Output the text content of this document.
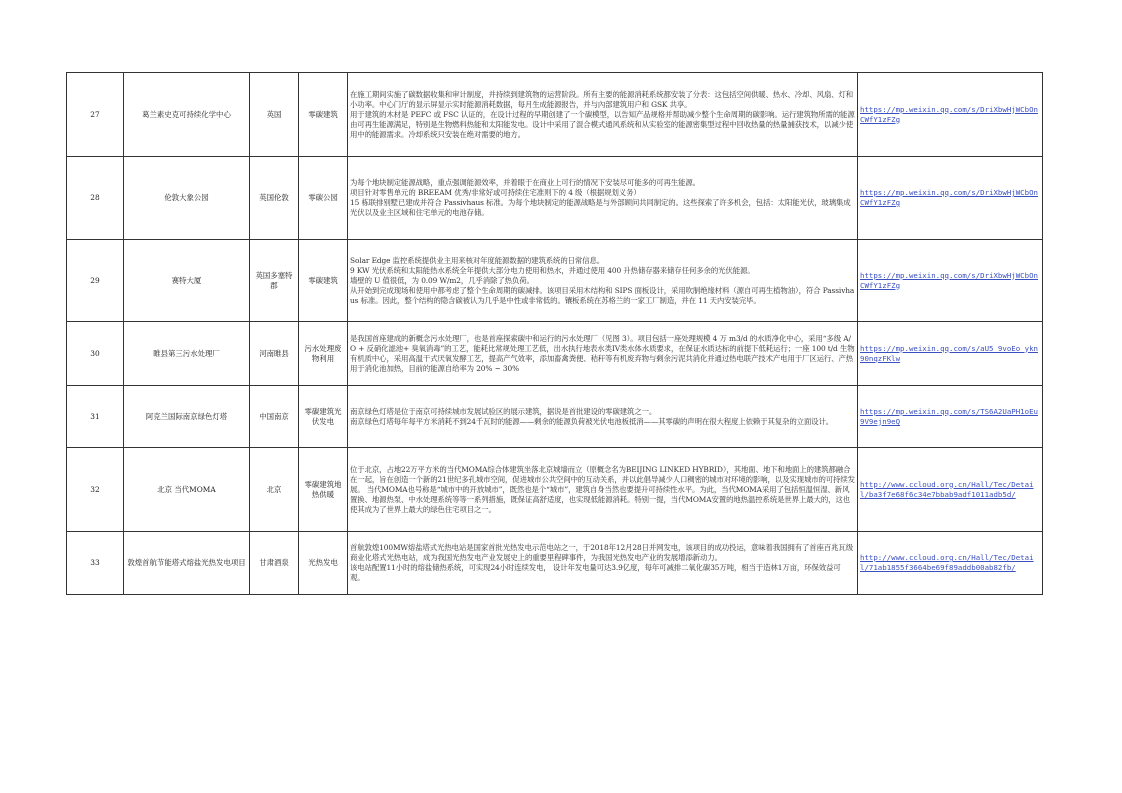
27	葛兰素史克可持续化学中心	英国	零碳建筑	在施工期间实施了碳数据收集和审计制度，并持续到建筑物的运营阶段。所有主要的能源消耗系统都安装了分表：这包括空间供暖、热水、冷却、风扇、灯和小功率。中心门厅的显示屏显示实时能源消耗数据，每月生成能源报告，并与內部建筑用户和 GSK 共享。
用于建筑的木材是 PEFC 或 FSC 认证的，在设计过程的早期创建了一个碳模型，以告知产品规格并帮助减少整个生命周期的碳影响。运行建筑物所需的能源由可再生能源满足，特别是生物燃料热能和太阳能发电。设计中采用了混合模式通风系统和从实验室的能源密集型过程中回收热量的热量捕获技术，以减少使用中的能源需求。冷却系统只安装在绝对需要的地方。	https://mp.weixin.qq.com/s/DriXbwHjWCbOnCWfY1zFZg
28	伦敦大象公园	英国伦敦	零碳公园	为每个地块制定能源战略，重点强调能源效率，并着眼于在商业上可行的情况下安装尽可能多的可再生能源。
项目针对零售单元的 BREEAM 优秀/非常好或可持续住宅准则下的 4 级（根据规划义务）
15 栋联排别墅已建成并符合 Passivhaus 标准。为每个地块制定的能源战略是与外部顾问共同制定的。这些探索了许多机会，包括：太阳能光伏，玻璃集成光伏以及业主区域和住宅单元的电池存储。	https://mp.weixin.qq.com/s/DriXbwHjWCbOnCWfY1zFZg
29	赛特大厦	英国多塞特郡	零碳建筑	Solar Edge 监控系统提供业主用来核对年度能源数据的建筑系统的日常信息。
9 KW 光伏系统和太阳能热水系统全年提供大部分电力使用和热水，并通过使用 400 升热储存器来储存任何多余的光伏能源。
墙壁的 U 值很低，为 0.09 W/m2，几乎消除了热负荷。
从开始到完成现场和使用中都考虑了整个生命周期的碳减排。该项目采用木结构和 SIPS 面板设计，采用吹制绝缘材料（源自可再生植物油），符合 Passivhaus 标准。因此，整个结构的隐含碳被认为几乎是中性或非常低的。镶板系统在苏格兰的一家工厂制造，并在 11 天内安装完毕。	https://mp.weixin.qq.com/s/DriXbwHjWCbOnCWfY1zFZg
30	睢县第三污水处理厂	河南睢县	污水处理废物利用	是我国首座建成的新概念污水处理厂，也是首座探索碳中和运行的污水处理厂（见图 3）。项目包括一座处理规模 4 万 m3/d 的水质净化中心，采用“多级 A/O + 反硝化滤池+ 臭氧消毒”的工艺，能耗比常规处理工艺低，出水执行地表水类IV类水体水质要求，在保证水质达标的前提下低耗运行；一座 100 t/d 生物有机质中心，采用高温干式厌氧发酵工艺，提高产气效率，添加畜禽粪便、秸秆等有机废弃物与剩余污泥共消化并通过热电联产技术产电用于厂区运行、产热用于消化池加热，目前的能源自给率为 20% ~ 30%	https://mp.weixin.qq.com/s/aU5_9voEo_ykn90nqzFKlw
31	阿克兰国际南京绿色灯塔	中国南京	零碳建筑光伏发电	南京绿色灯塔是位于南京可持续城市发展试验区的展示建筑，据说是首批建设的零碳建筑之一。
南京绿色灯塔每年每平方米消耗不到24千瓦时的能源——剩余的能源负荷被光伏电池板抵消——其零碳的声明在很大程度上依赖于其复杂的立面设计。	https://mp.weixin.qq.com/s/TS6A2UaPH1oEu9V9ejn9eQ
32	北京 当代MOMA	北京	零碳建筑地热供暖	位于北京，占地22万平方米的当代MOMA综合体建筑坐落北京城墙而立（原概念名为BEIJING LINKED HYBRID），其地面、地下和地面上的建筑都融合在一起，旨在创造一个新的21世纪多孔城市空间，促进城市公共空间中的互动关系，并以此倡导减少人口稠密的城市对环境的影响，以及实现城市的可持续发展。 当代MOMA也号称是“城市中的开放城市”，既然也是个“城市”，建筑自身当然也要提升可持续性水平。为此，当代MOMA采用了包括恒温恒湿、新风置换、地源热泵、中水处理系统等等一系列措施，既保证高舒适度，也实现低能源消耗。特别一提，当代MOMA安置的地热温控系统是世界上最大的，这也使其成为了世界上最大的绿色住宅项目之一。	http://www.ccloud.org.cn/Hall/Tec/Detail/ba3f7e68f6c34e7bbab9adf1011adb5d/
33	敦煌首航节能塔式熔盐光热发电项目	甘肃酒泉	光热发电	首航敦煌100MW熔盐塔式光热电站是国家首批光热发电示范电站之一，于2018年12月28日并网发电，该项目的成功投运，意味着我国拥有了首座百兆瓦级商业化塔式光热电站，成为我国光热发电产业发展史上的重要里程碑事件，为我国光热发电产业的发展增添新动力。
该电站配置11小时的熔盐储热系统，可实现24小时连续发电， 设计年发电量可达3.9亿度，每年可减排二氧化碳35万吨，相当于造林1万亩，环保效益可观。	http://www.ccloud.org.cn/Hall/Tec/Detail/71ab1855f3664be69f89addb00ab82fb/
